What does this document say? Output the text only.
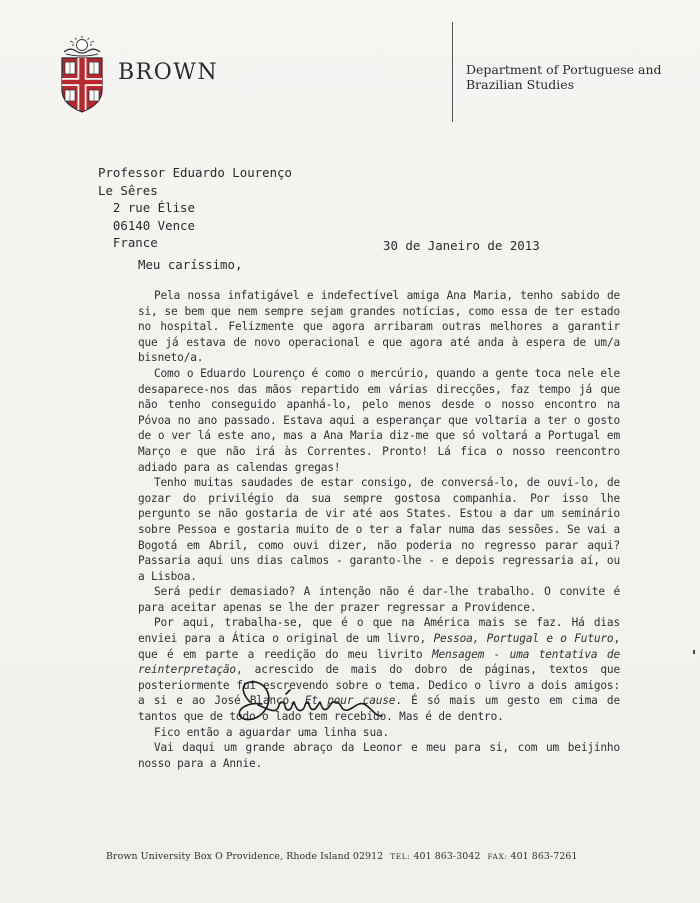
BROWN	Department of Portuguese and
Brazilian Studies
Professor Eduardo Lourenço
Le Sêres
2 rue Élise
06140 Vence
France	30 de Janeiro de 2013
Meu caríssimo,

Pela nossa infatigável e indefectível amiga Ana Maria, tenho sabido de si, se bem que nem sempre sejam grandes notícias, como essa de ter estado no hospital. Felizmente que agora arribaram outras melhores a garantir que já estava de novo operacional e que agora até anda à espera de um/a bisneto/a.

Como o Eduardo Lourenço é como o mercúrio, quando a gente toca nele ele desaparece-nos das mãos repartido em várias direcções, faz tempo já que não tenho conseguido apanhá-lo, pelo menos desde o nosso encontro na Póvoa no ano passado. Estava aqui a esperançar que voltaria a ter o gosto de o ver lá este ano, mas a Ana Maria diz-me que só voltará a Portugal em Março e que não irá às Correntes. Pronto! Lá fica o nosso reencontro adiado para as calendas gregas!

Tenho muitas saudades de estar consigo, de conversá-lo, de ouvi-lo, de gozar do privilégio da sua sempre gostosa companhia. Por isso lhe pergunto se não gostaria de vir até aos States. Estou a dar um seminário sobre Pessoa e gostaria muito de o ter a falar numa das sessões. Se vai a Bogotá em Abril, como ouvi dizer, não poderia no regresso parar aqui? Passaria aqui uns dias calmos - garanto-lhe - e depois regressaria aí, ou a Lisboa.

Será pedir demasiado? A intenção não é dar-lhe trabalho. O convite é para aceitar apenas se lhe der prazer regressar a Providence.

Por aqui, trabalha-se, que é o que na América mais se faz. Há dias enviei para a Ática o original de um livro, Pessoa, Portugal e o Futuro, que é em parte a reedição do meu livrito Mensagem - uma tentativa de reinterpretação, acrescido de mais do dobro de páginas, textos que posteriormente fui escrevendo sobre o tema. Dedico o livro a dois amigos: a si e ao José Blanco. Et pour cause. É só mais um gesto em cima de tantos que de todo o lado tem recebido. Mas é de dentro.

Fico então a aguardar uma linha sua.

Vai daqui um grande abraço da Leonor e meu para si, com um beijinho nosso para a Annie.

Brown University Box O Providence, Rhode Island 02912 TEL: 401 863-3042 FAX: 401 863-7261
